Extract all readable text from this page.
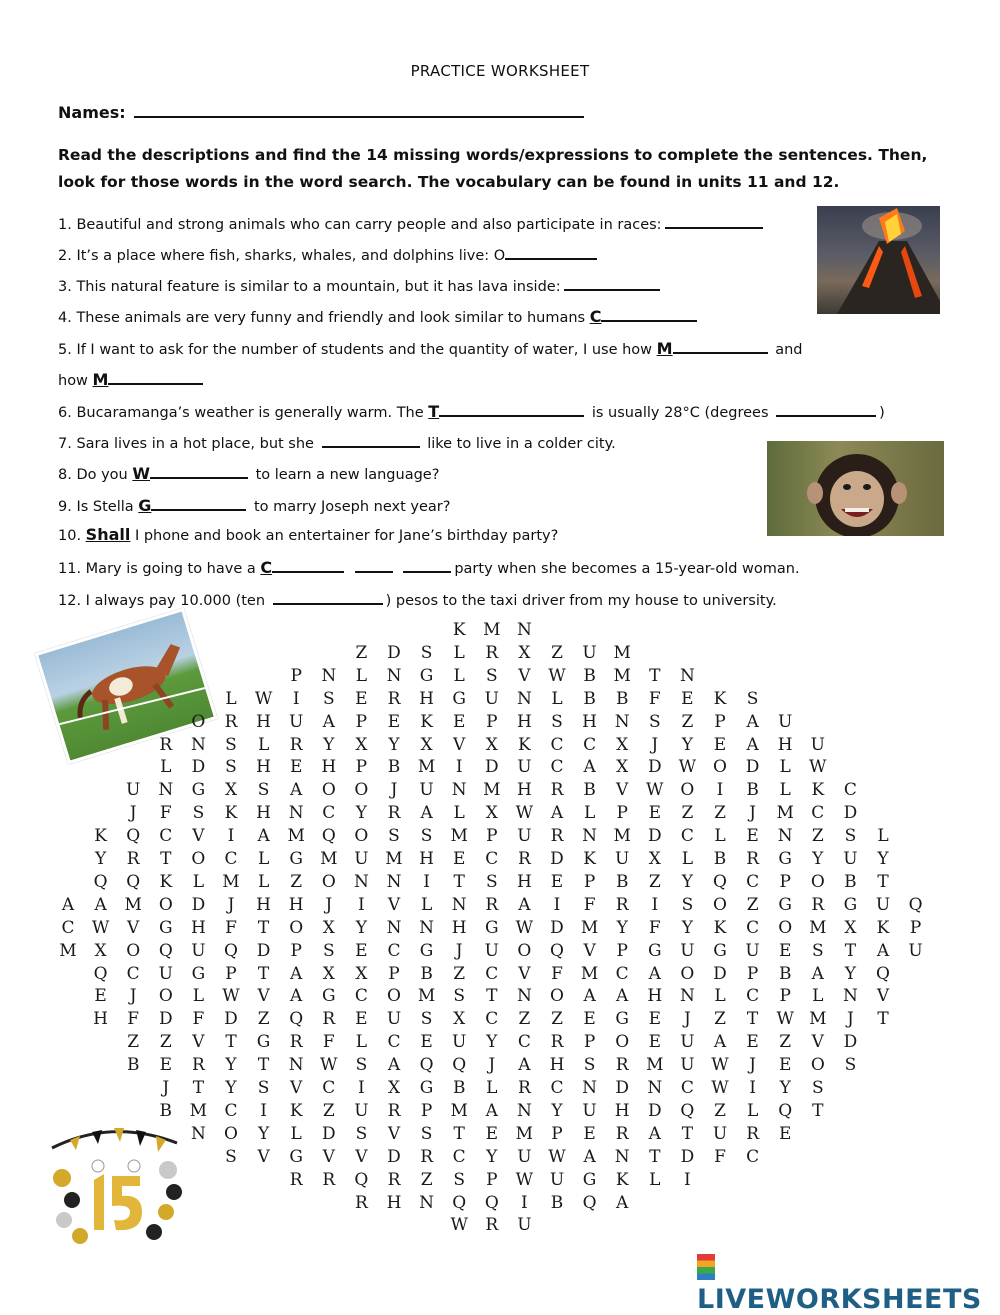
PRACTICE WORKSHEET
Names:
Read the descriptions and find the 14 missing words/expressions to complete the sentences. Then, look for those words in the word search. The vocabulary can be found in units 11 and 12.
1. Beautiful and strong animals who can carry people and also participate in races:
2. It’s a place where fish, sharks, whales, and dolphins live: O
3. This natural feature is similar to a mountain, but it has lava inside:
4. These animals are very funny and friendly and look similar to humans C
5. If I want to ask for the number of students and the quantity of water, I use how M	and
how M
6. Bucaramanga’s weather is generally warm. The T	is usually 28°C (degrees	)
7. Sara lives in a hot place, but she	like to live in a colder city.
8. Do you W	to learn a new language?
9. Is Stella G	to marry Joseph next year?
10. Shall I phone and book an entertainer for Jane’s birthday party?
11. Mary is going to have a C	party when she becomes a 15-year-old woman.
12. I always pay 10.000 (ten	) pesos to the taxi driver from my house to university.
K M N
Z D S L R X Z U M
P N L N G L S V W B M T N
L W	I	S E R H G U N L B B F E K S
O R H U A P E K E P H S H N S Z P A U
R N S L R Y X Y X V X K C C X	J	Y E A H U
L D S H E H P B M	I	D U C A X D W O D L W
U N G X S A O O	J	U N M H R B V W O	I	B L K C
J	F S K H N C Y R A L X W A L P E Z Z	J	M C D
K Q C V	I	A M Q O S S M P U R N M D C L E N Z S L
Y R T O C L G M U M H E C R D K U X L B R G Y U Y
Q Q K L M L Z O N N	I	T S H E P B Z Y Q C P O B T
A A M O D	J	H H	J	I	V L N R A	I	F R	I	S O Z G R G U Q
C W V G H F T O X Y N N H G W D M Y F Y K C O M X K P
M X O Q U Q D P S E C G	J	U O Q V P G U G U E S T A U
Q C U G P T A X X P B Z C V F M C A O D P B A Y Q
E	J	O L W V A G C O M S T N O A A H N L C P L N V
H F D F D Z Q R E U S X C Z Z E G E	J	Z T W M	J	T
Z Z V T G R F L C E U Y C R P O E U A E Z V D
B E R Y T N W S A Q Q	J	A H S R M U W	J	E O S
J	T Y S V C	I	X G B L R C N D N C W	I	Y S
B M C	I	K Z U R P M A N Y U H D Q Z L Q T
N O Y L D S V S T E M P E R A T U R E
S V G V V D R C Y U W A N T D F C
R R Q R Z S P W U G K L	I
R H N Q Q	I	B Q A
W R U
LIVEWORKSHEETS
